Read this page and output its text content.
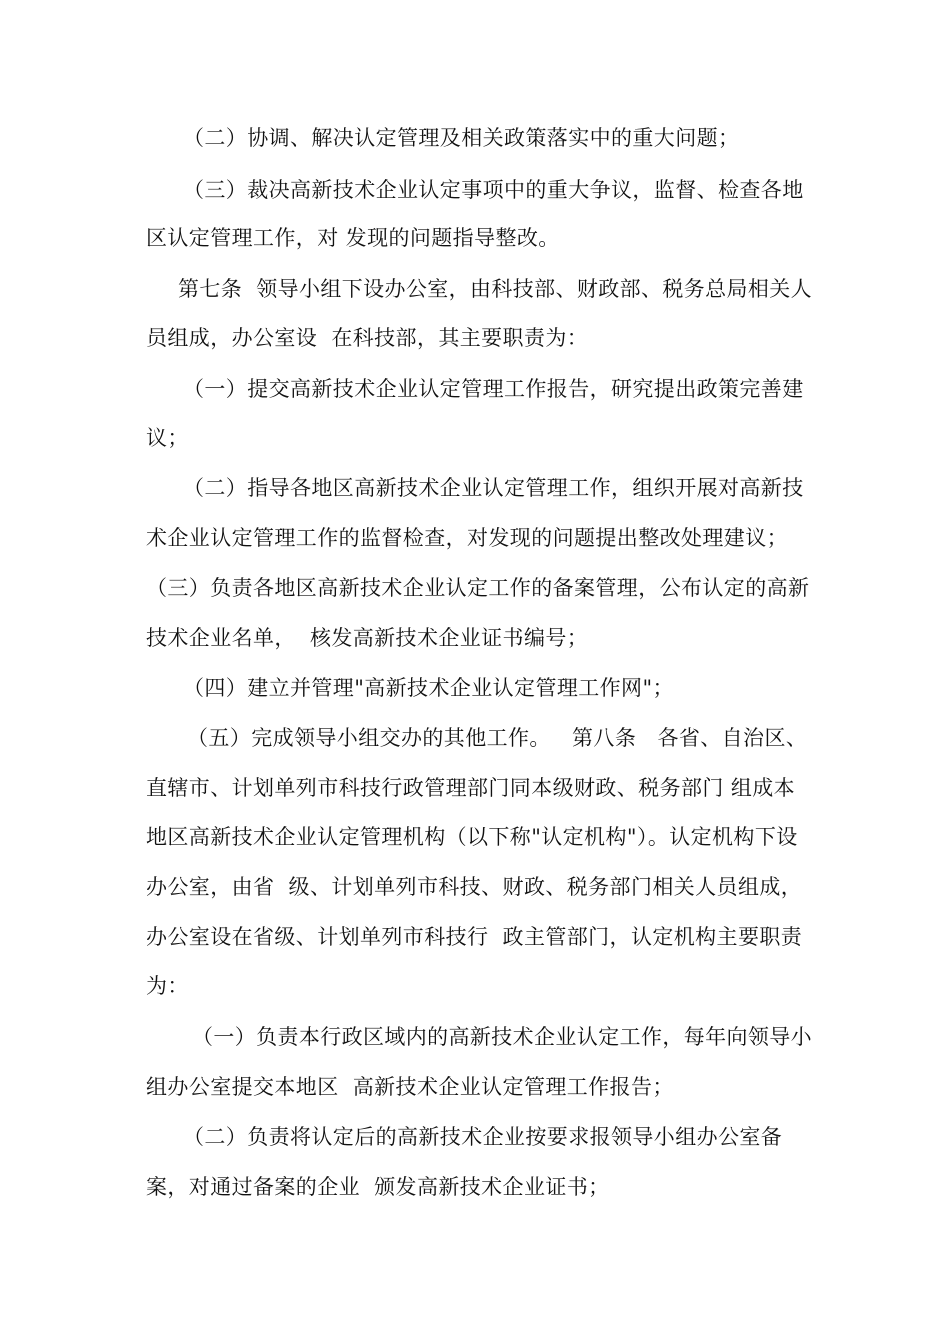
（二）协调、解决认定管理及相关政策落实中的重大问题；
（三）裁决高新技术企业认定事项中的重大争议，监督、检查各地
区认定管理工作，对 发现的问题指导整改。
第七条  领导小组下设办公室，由科技部、财政部、税务总局相关人
员组成，办公室设  在科技部，其主要职责为：
（一）提交高新技术企业认定管理工作报告，研究提出政策完善建
议；
（二）指导各地区高新技术企业认定管理工作，组织开展对高新技
术企业认定管理工作的监督检查，对发现的问题提出整改处理建议；
（三）负责各地区高新技术企业认定工作的备案管理，公布认定的高新
技术企业名单，  核发高新技术企业证书编号；
（四）建立并管理"高新技术企业认定管理工作网"；
（五）完成领导小组交办的其他工作。   第八条   各省、自治区、
直辖市、计划单列市科技行政管理部门同本级财政、税务部门 组成本
地区高新技术企业认定管理机构（以下称"认定机构"）。认定机构下设
办公室，由省  级、计划单列市科技、财政、税务部门相关人员组成，
办公室设在省级、计划单列市科技行  政主管部门，认定机构主要职责
为：
（一）负责本行政区域内的高新技术企业认定工作，每年向领导小
组办公室提交本地区  高新技术企业认定管理工作报告；
（二）负责将认定后的高新技术企业按要求报领导小组办公室备
案，对通过备案的企业  颁发高新技术企业证书；
